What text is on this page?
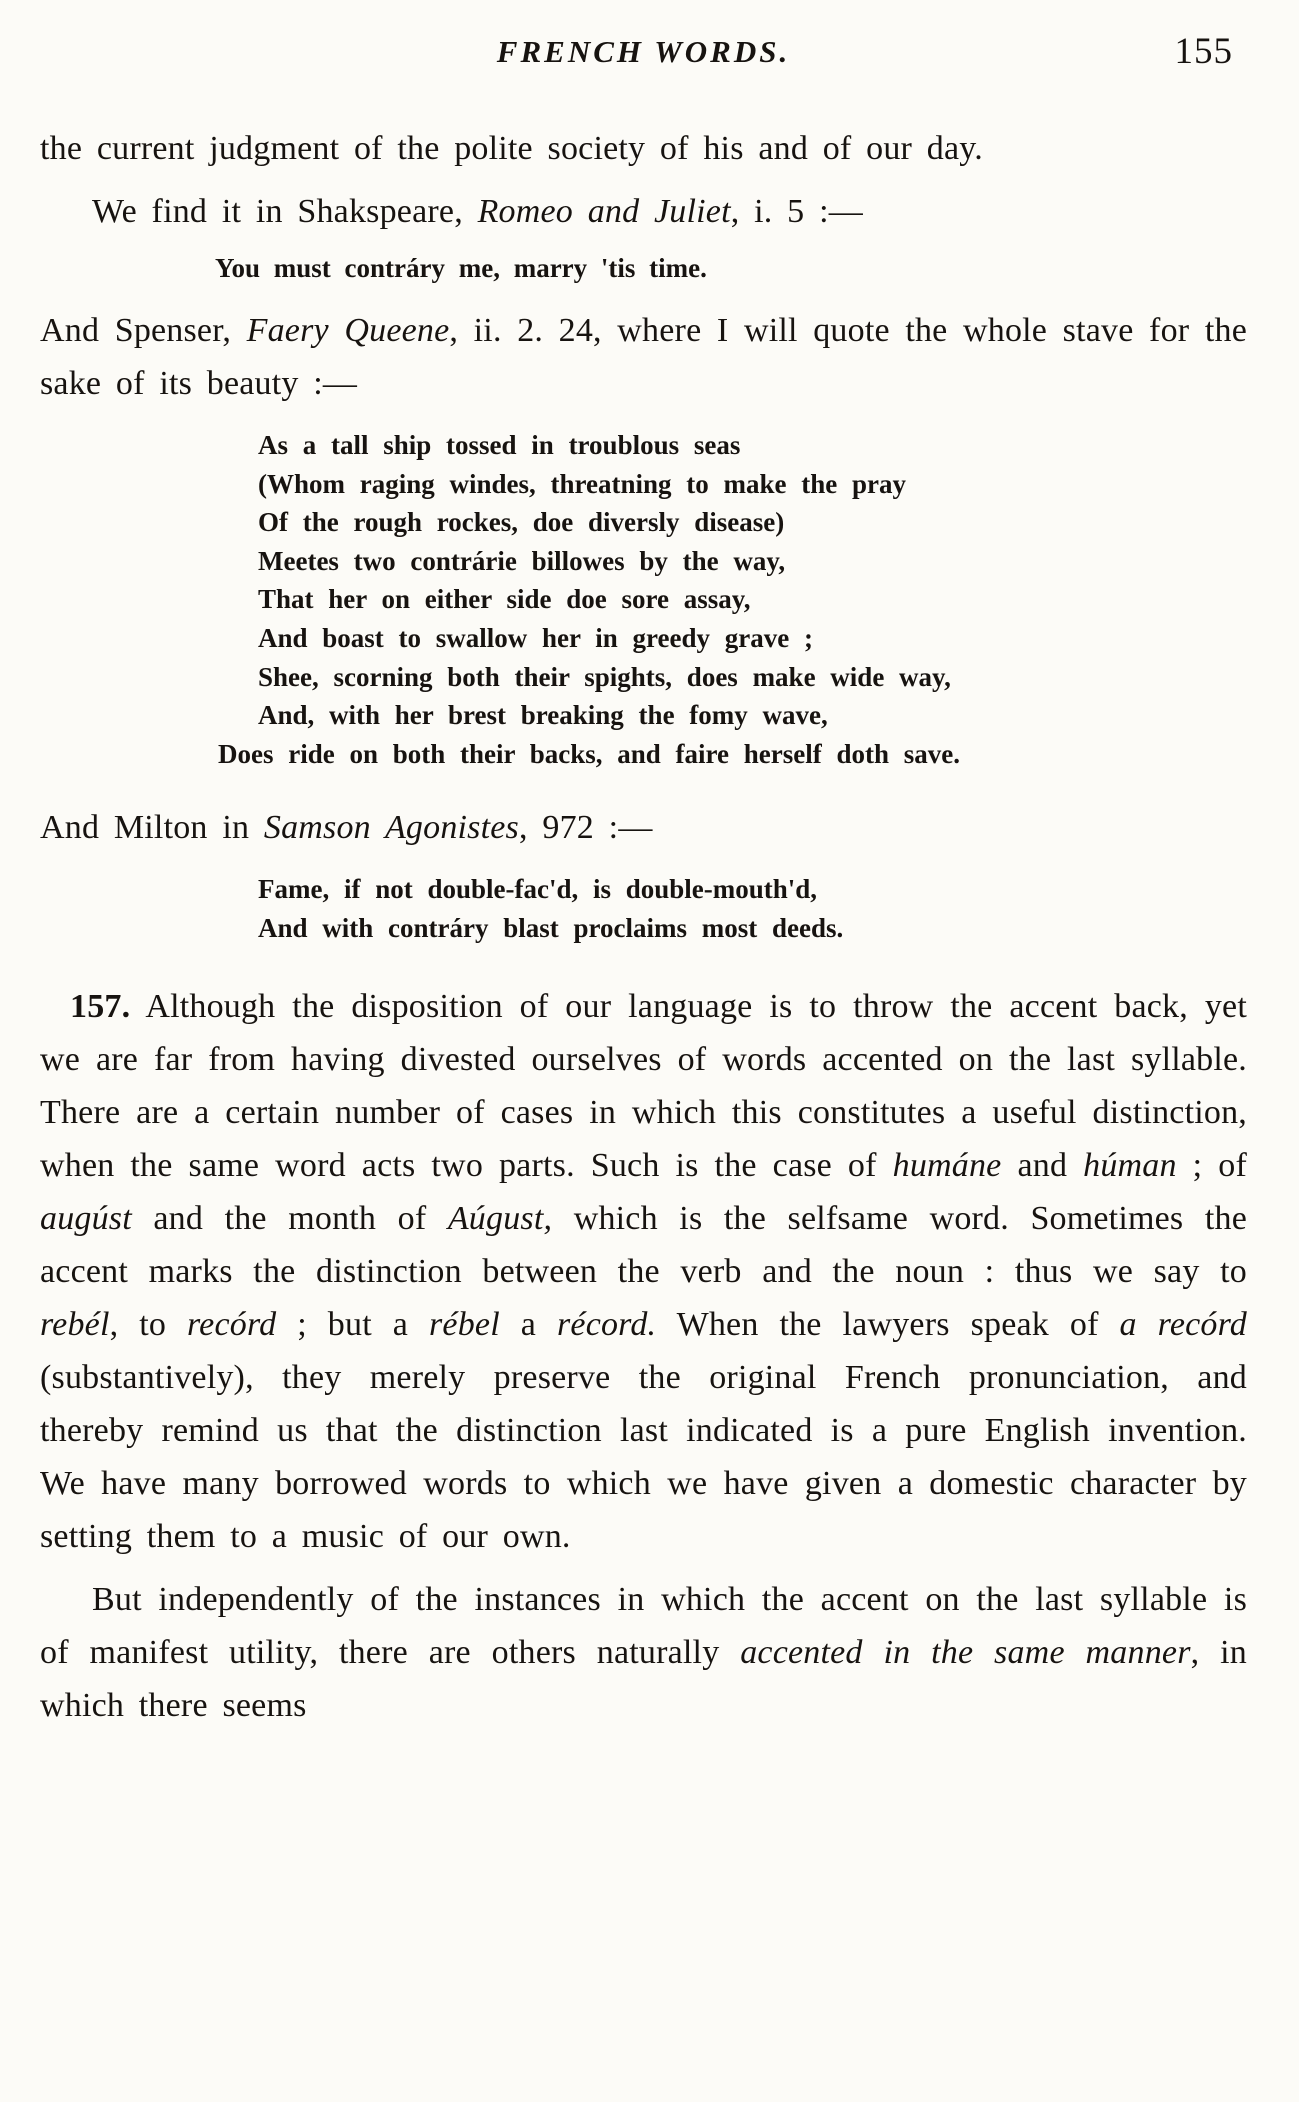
FRENCH WORDS.	155

the current judgment of the polite society of his and of our day.

We find it in Shakspeare, Romeo and Juliet, i. 5 :—

You must contráry me, marry 'tis time.

And Spenser, Faery Queene, ii. 2. 24, where I will quote the whole stave for the sake of its beauty :—

As a tall ship tossed in troublous seas
(Whom raging windes, threatning to make the pray
Of the rough rockes, doe diversly disease)
Meetes two contrárie billowes by the way,
That her on either side doe sore assay,
And boast to swallow her in greedy grave ;
Shee, scorning both their spights, does make wide way,
And, with her brest breaking the fomy wave,
Does ride on both their backs, and faire herself doth save.

And Milton in Samson Agonistes, 972 :—

Fame, if not double-fac'd, is double-mouth'd,
And with contráry blast proclaims most deeds.

157. Although the disposition of our language is to throw the accent back, yet we are far from having divested ourselves of words accented on the last syllable. There are a certain number of cases in which this constitutes a useful distinction, when the same word acts two parts. Such is the case of humáne and húman ; of augúst and the month of Aúgust, which is the selfsame word. Sometimes the accent marks the distinction between the verb and the noun : thus we say to rebél, to recórd ; but a rébel a récord. When the lawyers speak of a recórd (substantively), they merely preserve the original French pronunciation, and thereby remind us that the distinction last indicated is a pure English invention. We have many borrowed words to which we have given a domestic character by setting them to a music of our own.

But independently of the instances in which the accent on the last syllable is of manifest utility, there are others naturally accented in the same manner, in which there seems
